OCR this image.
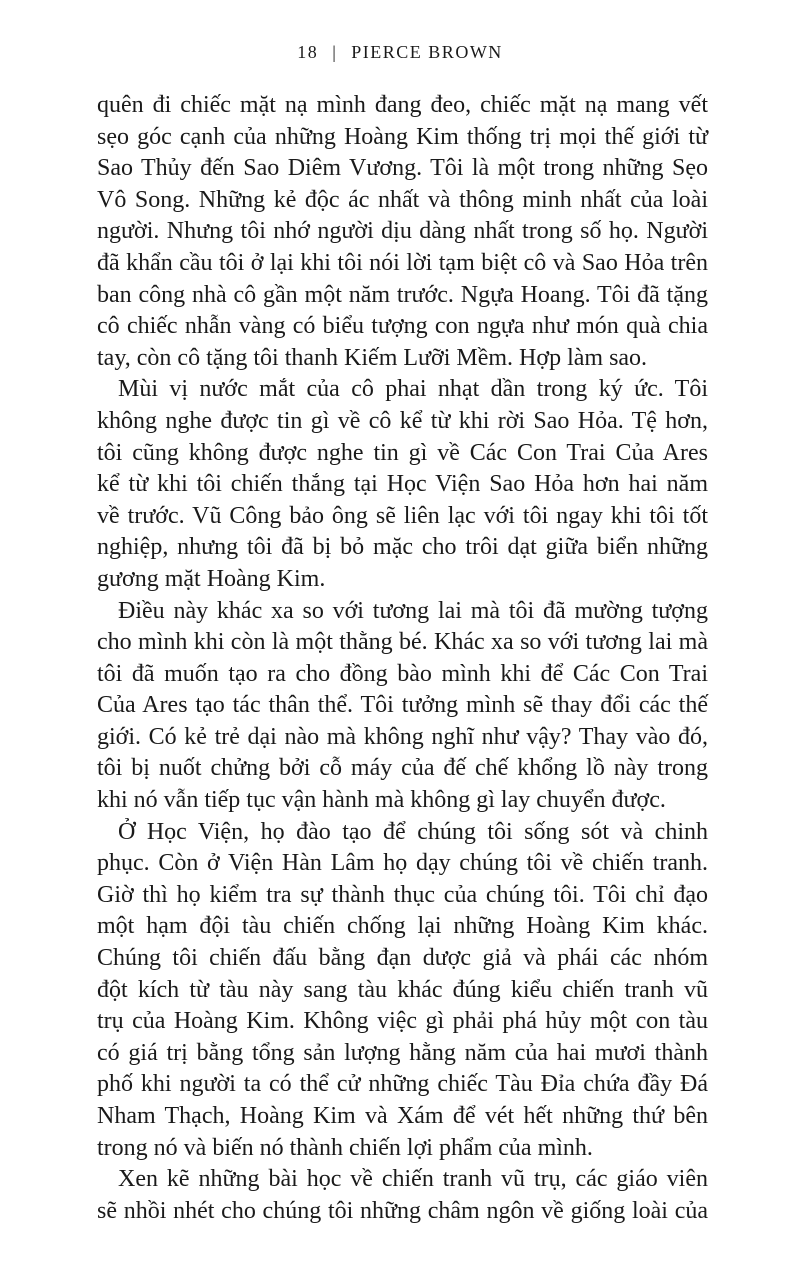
18 | PIERCE BROWN
quên đi chiếc mặt nạ mình đang đeo, chiếc mặt nạ mang vết
sẹo góc cạnh của những Hoàng Kim thống trị mọi thế giới từ
Sao Thủy đến Sao Diêm Vương. Tôi là một trong những Sẹo
Vô Song. Những kẻ độc ác nhất và thông minh nhất của loài
người. Nhưng tôi nhớ người dịu dàng nhất trong số họ. Người
đã khẩn cầu tôi ở lại khi tôi nói lời tạm biệt cô và Sao Hỏa trên
ban công nhà cô gần một năm trước. Ngựa Hoang. Tôi đã tặng
cô chiếc nhẫn vàng có biểu tượng con ngựa như món quà chia
tay, còn cô tặng tôi thanh Kiếm Lưỡi Mềm. Hợp làm sao.
Mùi vị nước mắt của cô phai nhạt dần trong ký ức. Tôi
không nghe được tin gì về cô kể từ khi rời Sao Hỏa. Tệ hơn,
tôi cũng không được nghe tin gì về Các Con Trai Của Ares
kể từ khi tôi chiến thắng tại Học Viện Sao Hỏa hơn hai năm
về trước. Vũ Công bảo ông sẽ liên lạc với tôi ngay khi tôi tốt
nghiệp, nhưng tôi đã bị bỏ mặc cho trôi dạt giữa biển những
gương mặt Hoàng Kim.
Điều này khác xa so với tương lai mà tôi đã mường tượng
cho mình khi còn là một thằng bé. Khác xa so với tương lai mà
tôi đã muốn tạo ra cho đồng bào mình khi để Các Con Trai
Của Ares tạo tác thân thể. Tôi tưởng mình sẽ thay đổi các thế
giới. Có kẻ trẻ dại nào mà không nghĩ như vậy? Thay vào đó,
tôi bị nuốt chửng bởi cỗ máy của đế chế khổng lồ này trong
khi nó vẫn tiếp tục vận hành mà không gì lay chuyển được.
Ở Học Viện, họ đào tạo để chúng tôi sống sót và chinh
phục. Còn ở Viện Hàn Lâm họ dạy chúng tôi về chiến tranh.
Giờ thì họ kiểm tra sự thành thục của chúng tôi. Tôi chỉ đạo
một hạm đội tàu chiến chống lại những Hoàng Kim khác.
Chúng tôi chiến đấu bằng đạn dược giả và phái các nhóm
đột kích từ tàu này sang tàu khác đúng kiểu chiến tranh vũ
trụ của Hoàng Kim. Không việc gì phải phá hủy một con tàu
có giá trị bằng tổng sản lượng hằng năm của hai mươi thành
phố khi người ta có thể cử những chiếc Tàu Đỉa chứa đầy Đá
Nham Thạch, Hoàng Kim và Xám để vét hết những thứ bên
trong nó và biến nó thành chiến lợi phẩm của mình.
Xen kẽ những bài học về chiến tranh vũ trụ, các giáo viên
sẽ nhồi nhét cho chúng tôi những châm ngôn về giống loài của
